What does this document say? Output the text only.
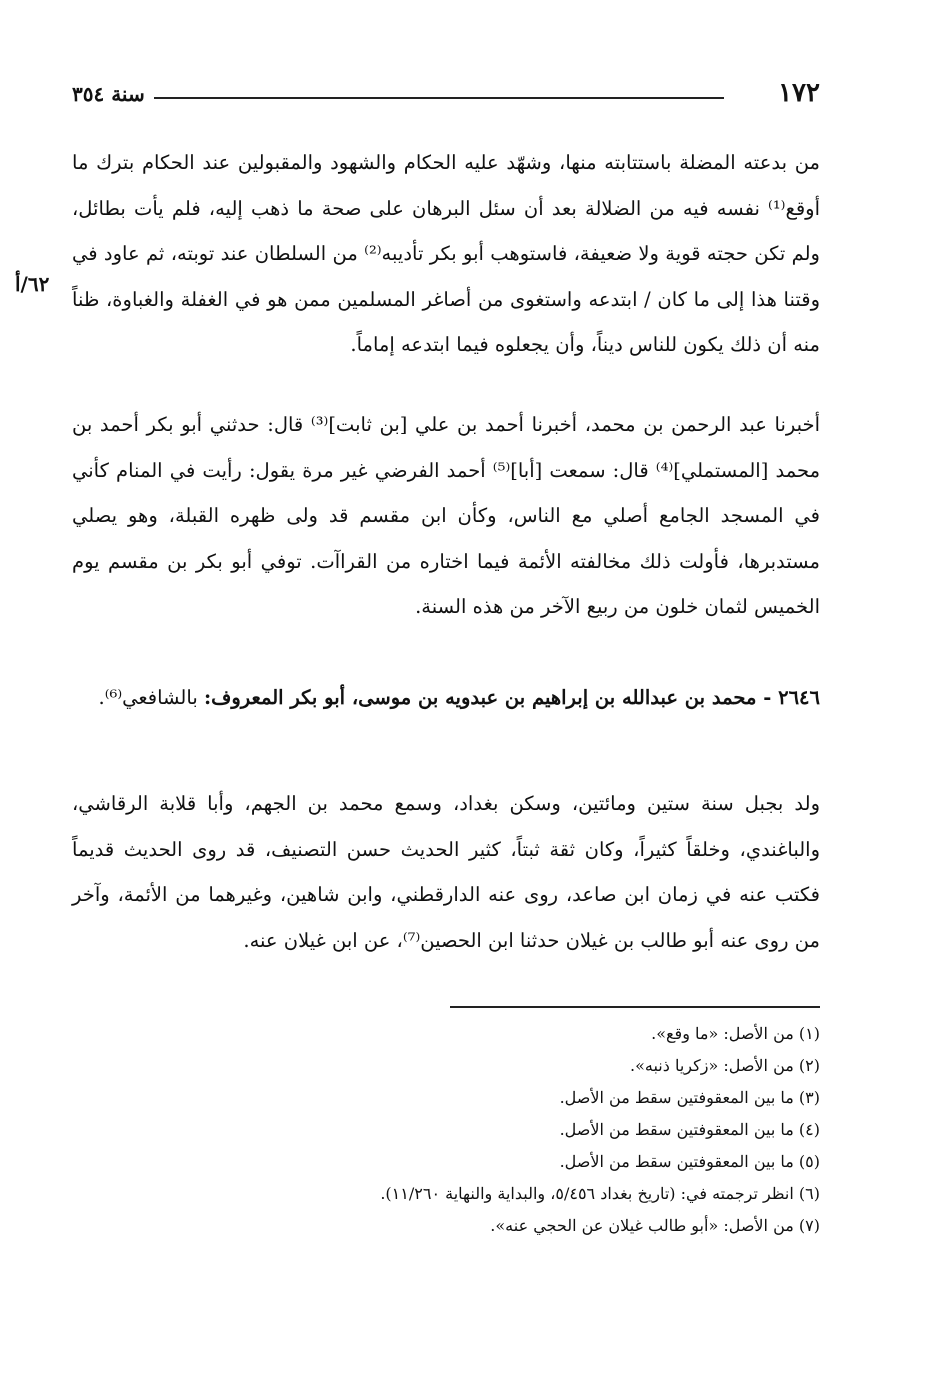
١٧٢
سنة ٣٥٤
٦٢/أ

من بدعته المضلة باستتابته منها، وشهّد عليه الحكام والشهود والمقبولين عند الحكام بترك ما أوقع⁽¹⁾ نفسه فيه من الضلالة بعد أن سئل البرهان على صحة ما ذهب إليه، فلم يأت بطائل، ولم تكن حجته قوية ولا ضعيفة، فاستوهب أبو بكر تأديبه⁽²⁾ من السلطان عند توبته، ثم عاود في وقتنا هذا إلى ما كان / ابتدعه واستغوى من أصاغر المسلمين ممن هو في الغفلة والغباوة، ظناً منه أن ذلك يكون للناس ديناً، وأن يجعلوه فيما ابتدعه إماماً.

أخبرنا عبد الرحمن بن محمد، أخبرنا أحمد بن علي [بن ثابت]⁽³⁾ قال: حدثني أبو بكر أحمد بن محمد [المستملي]⁽⁴⁾ قال: سمعت [أبا]⁽⁵⁾ أحمد الفرضي غير مرة يقول: رأيت في المنام كأني في المسجد الجامع أصلي مع الناس، وكأن ابن مقسم قد ولى ظهره القبلة، وهو يصلي مستدبرها، فأولت ذلك مخالفته الأئمة فيما اختاره من القراآت. توفي أبو بكر بن مقسم يوم الخميس لثمان خلون من ربيع الآخر من هذه السنة.

٢٦٤٦ - محمد بن عبدالله بن إبراهيم بن عبدويه بن موسى، أبو بكر المعروف: بالشافعي⁽⁶⁾.

ولد بجبل سنة ستين ومائتين، وسكن بغداد، وسمع محمد بن الجهم، وأبا قلابة الرقاشي، والباغندي، وخلقاً كثيراً، وكان ثقة ثبتاً، كثير الحديث حسن التصنيف، قد روى الحديث قديماً فكتب عنه في زمان ابن صاعد، روى عنه الدارقطني، وابن شاهين، وغيرهما من الأئمة، وآخر من روى عنه أبو طالب بن غيلان حدثنا ابن الحصين⁽⁷⁾، عن ابن غيلان عنه.

(١) من الأصل: «ما وقع».
(٢) من الأصل: «زكريا ذنبه».
(٣) ما بين المعقوفتين سقط من الأصل.
(٤) ما بين المعقوفتين سقط من الأصل.
(٥) ما بين المعقوفتين سقط من الأصل.
(٦) انظر ترجمته في: (تاريخ بغداد ٥/٤٥٦، والبداية والنهاية ١١/٢٦٠).
(٧) من الأصل: «أبو طالب غيلان عن الحجي عنه».
